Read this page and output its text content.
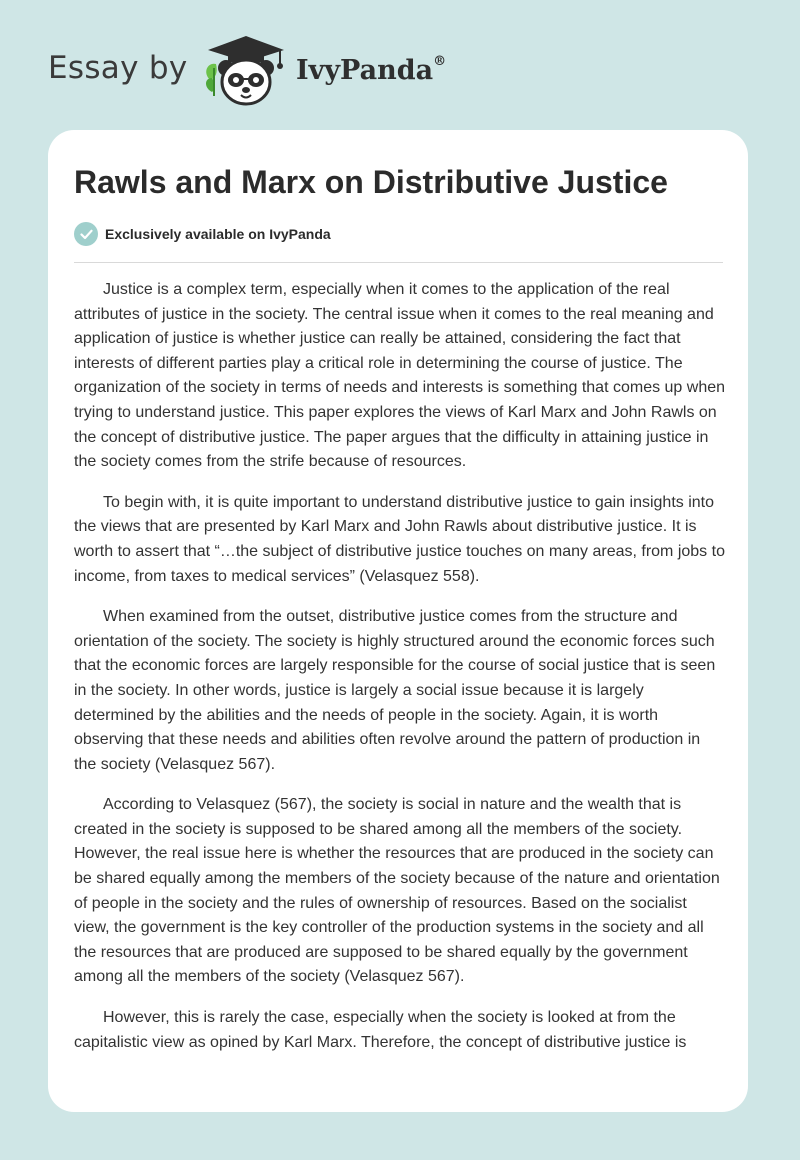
Essay by	IvyPanda®
Rawls and Marx on Distributive Justice
Exclusively available on IvyPanda

Justice is a complex term, especially when it comes to the application of the real attributes of justice in the society. The central issue when it comes to the real meaning and application of justice is whether justice can really be attained, considering the fact that interests of different parties play a critical role in determining the course of justice. The organization of the society in terms of needs and interests is something that comes up when trying to understand justice. This paper explores the views of Karl Marx and John Rawls on the concept of distributive justice. The paper argues that the difficulty in attaining justice in the society comes from the strife because of resources.

To begin with, it is quite important to understand distributive justice to gain insights into the views that are presented by Karl Marx and John Rawls about distributive justice. It is worth to assert that “…the subject of distributive justice touches on many areas, from jobs to income, from taxes to medical services” (Velasquez 558).

When examined from the outset, distributive justice comes from the structure and orientation of the society. The society is highly structured around the economic forces such that the economic forces are largely responsible for the course of social justice that is seen in the society. In other words, justice is largely a social issue because it is largely determined by the abilities and the needs of people in the society. Again, it is worth observing that these needs and abilities often revolve around the pattern of production in the society (Velasquez 567).

According to Velasquez (567), the society is social in nature and the wealth that is created in the society is supposed to be shared among all the members of the society. However, the real issue here is whether the resources that are produced in the society can be shared equally among the members of the society because of the nature and orientation of people in the society and the rules of ownership of resources. Based on the socialist view, the government is the key controller of the production systems in the society and all the resources that are produced are supposed to be shared equally by the government among all the members of the society (Velasquez 567).

However, this is rarely the case, especially when the society is looked at from the capitalistic view as opined by Karl Marx. Therefore, the concept of distributive justice is
